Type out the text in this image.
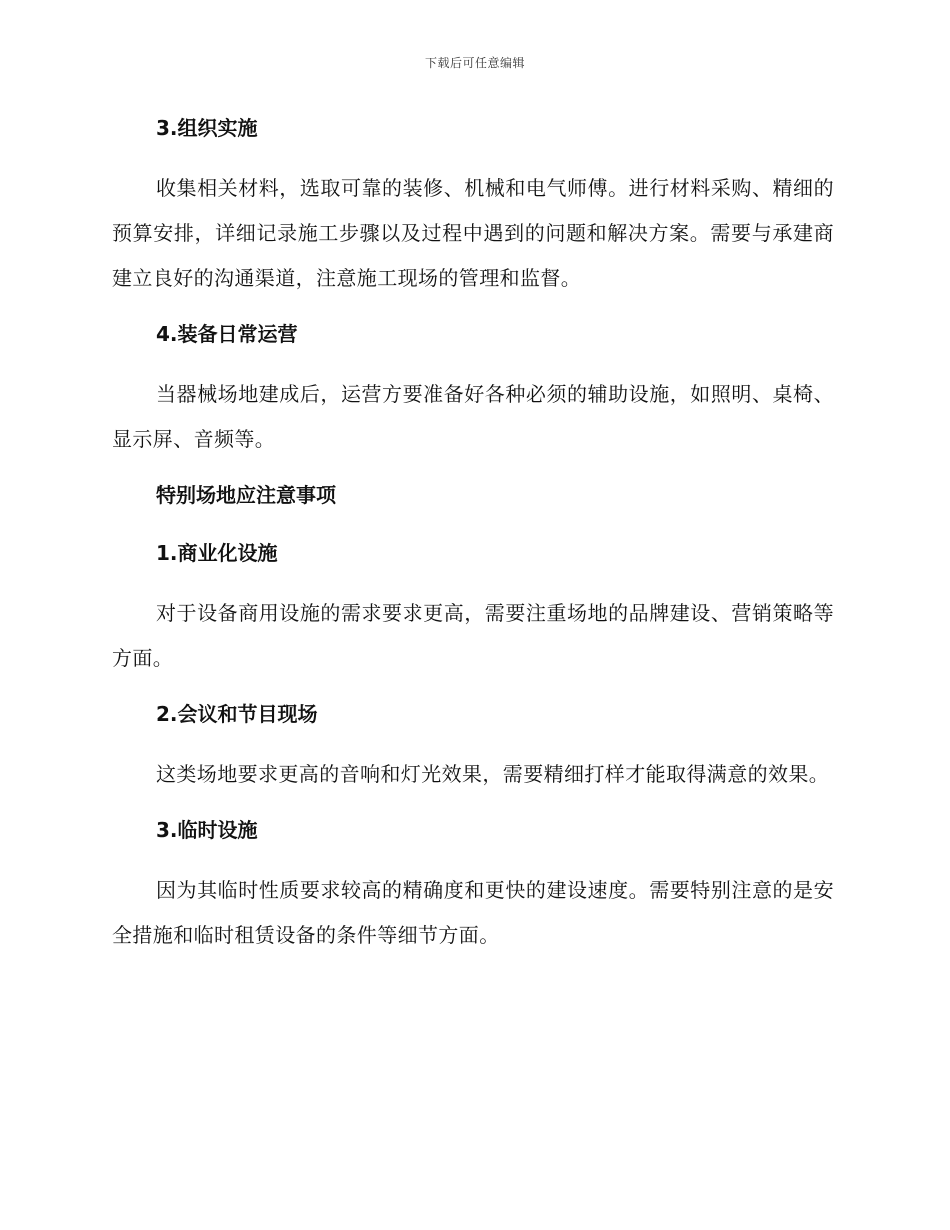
下载后可任意编辑
3.组织实施

收集相关材料，选取可靠的装修、机械和电气师傅。进行材料采购、精细的预算安排，详细记录施工步骤以及过程中遇到的问题和解决方案。需要与承建商建立良好的沟通渠道，注意施工现场的管理和监督。

4.装备日常运营

当器械场地建成后，运营方要准备好各种必须的辅助设施，如照明、桌椅、显示屏、音频等。

特别场地应注意事项
1.商业化设施

对于设备商用设施的需求要求更高，需要注重场地的品牌建设、营销策略等方面。

2.会议和节目现场

这类场地要求更高的音响和灯光效果，需要精细打样才能取得满意的效果。

3.临时设施

因为其临时性质要求较高的精确度和更快的建设速度。需要特别注意的是安全措施和临时租赁设备的条件等细节方面。
